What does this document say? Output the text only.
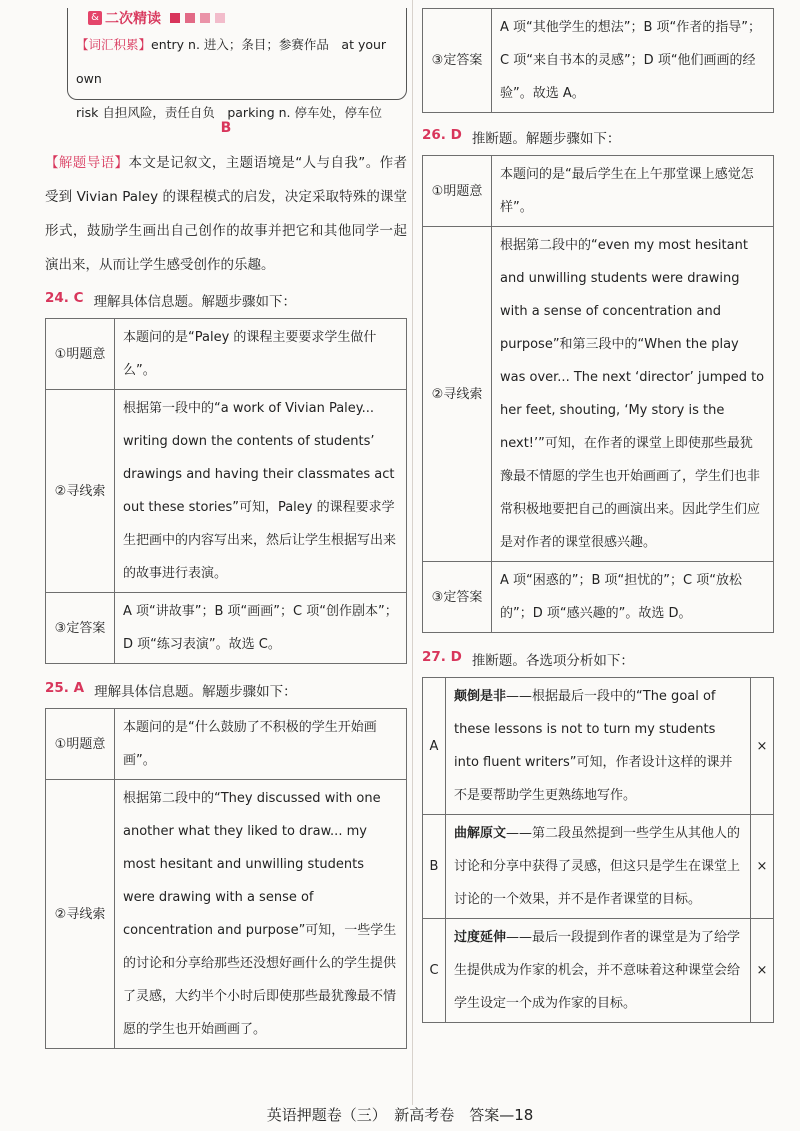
& 二次精读
【词汇积累】entry n. 进入；条目；参赛作品　at your own
risk 自担风险，责任自负　parking n. 停车处，停车位
B
【解题导语】本文是记叙文，主题语境是“人与自我”。作者受到 Vivian Paley 的课程模式的启发，决定采取特殊的课堂形式，鼓励学生画出自己创作的故事并把它和其他同学一起演出来，从而让学生感受创作的乐趣。
24. C 理解具体信息题。解题步骤如下：
①明题意	本题问的是“Paley 的课程主要要求学生做什么”。
②寻线索	根据第一段中的“a work of Vivian Paley... writing down the contents of students’ drawings and having their classmates act out these stories”可知，Paley 的课程要求学生把画中的内容写出来，然后让学生根据写出来的故事进行表演。
③定答案	A 项“讲故事”；B 项“画画”；C 项“创作剧本”；D 项“练习表演”。故选 C。
25. A 理解具体信息题。解题步骤如下：
①明题意	本题问的是“什么鼓励了不积极的学生开始画画”。
②寻线索	根据第二段中的“They discussed with one another what they liked to draw... my most hesitant and unwilling students were drawing with a sense of concentration and purpose”可知，一些学生的讨论和分享给那些还没想好画什么的学生提供了灵感，大约半个小时后即使那些最犹豫最不情愿的学生也开始画画了。
③定答案	A 项“其他学生的想法”；B 项“作者的指导”；C 项“来自书本的灵感”；D 项“他们画画的经验”。故选 A。
26. D 推断题。解题步骤如下：
①明题意	本题问的是“最后学生在上午那堂课上感觉怎样”。
②寻线索	根据第二段中的“even my most hesitant and unwilling students were drawing with a sense of concentration and purpose”和第三段中的“When the play was over... The next ‘director’ jumped to her feet, shouting, ‘My story is the next!’”可知，在作者的课堂上即使那些最犹豫最不情愿的学生也开始画画了，学生们也非常积极地要把自己的画演出来。因此学生们应是对作者的课堂很感兴趣。
③定答案	A 项“困惑的”；B 项“担忧的”；C 项“放松的”；D 项“感兴趣的”。故选 D。
27. D 推断题。各选项分析如下：
A	颠倒是非——根据最后一段中的“The goal of these lessons is not to turn my students into fluent writers”可知，作者设计这样的课并不是要帮助学生更熟练地写作。	×
B	曲解原文——第二段虽然提到一些学生从其他人的讨论和分享中获得了灵感，但这只是学生在课堂上讨论的一个效果，并不是作者课堂的目标。	×
C	过度延伸——最后一段提到作者的课堂是为了给学生提供成为作家的机会，并不意味着这种课堂会给学生设定一个成为作家的目标。	×
英语押题卷（三）　新高考卷　答案—18
